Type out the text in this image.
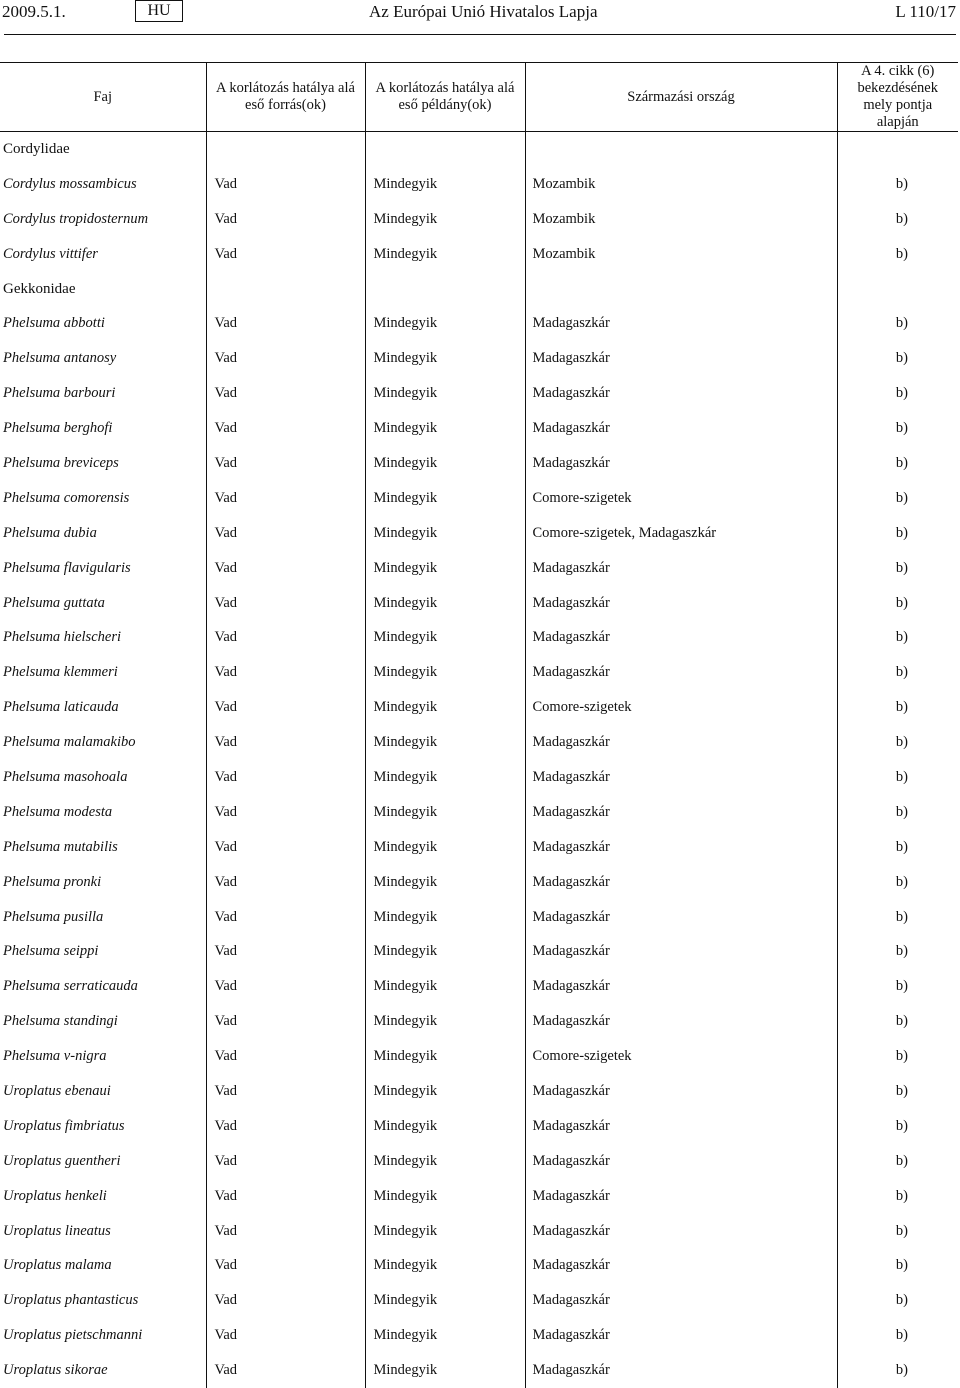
2009.5.1.	HU	Az Európai Unió Hivatalos Lapja	L 110/17
Faj	A korlátozás hatálya alá eső forrás(ok)	A korlátozás hatálya alá eső példány(ok)	Származási ország	A 4. cikk (6) bekezdésének mely pontja alapján
Cordylidae				
Cordylus mossambicus	Vad	Mindegyik	Mozambik	b)
Cordylus tropidosternum	Vad	Mindegyik	Mozambik	b)
Cordylus vittifer	Vad	Mindegyik	Mozambik	b)
Gekkonidae				
Phelsuma abbotti	Vad	Mindegyik	Madagaszkár	b)
Phelsuma antanosy	Vad	Mindegyik	Madagaszkár	b)
Phelsuma barbouri	Vad	Mindegyik	Madagaszkár	b)
Phelsuma berghofi	Vad	Mindegyik	Madagaszkár	b)
Phelsuma breviceps	Vad	Mindegyik	Madagaszkár	b)
Phelsuma comorensis	Vad	Mindegyik	Comore-szigetek	b)
Phelsuma dubia	Vad	Mindegyik	Comore-szigetek, Madagaszkár	b)
Phelsuma flavigularis	Vad	Mindegyik	Madagaszkár	b)
Phelsuma guttata	Vad	Mindegyik	Madagaszkár	b)
Phelsuma hielscheri	Vad	Mindegyik	Madagaszkár	b)
Phelsuma klemmeri	Vad	Mindegyik	Madagaszkár	b)
Phelsuma laticauda	Vad	Mindegyik	Comore-szigetek	b)
Phelsuma malamakibo	Vad	Mindegyik	Madagaszkár	b)
Phelsuma masohoala	Vad	Mindegyik	Madagaszkár	b)
Phelsuma modesta	Vad	Mindegyik	Madagaszkár	b)
Phelsuma mutabilis	Vad	Mindegyik	Madagaszkár	b)
Phelsuma pronki	Vad	Mindegyik	Madagaszkár	b)
Phelsuma pusilla	Vad	Mindegyik	Madagaszkár	b)
Phelsuma seippi	Vad	Mindegyik	Madagaszkár	b)
Phelsuma serraticauda	Vad	Mindegyik	Madagaszkár	b)
Phelsuma standingi	Vad	Mindegyik	Madagaszkár	b)
Phelsuma v-nigra	Vad	Mindegyik	Comore-szigetek	b)
Uroplatus ebenaui	Vad	Mindegyik	Madagaszkár	b)
Uroplatus fimbriatus	Vad	Mindegyik	Madagaszkár	b)
Uroplatus guentheri	Vad	Mindegyik	Madagaszkár	b)
Uroplatus henkeli	Vad	Mindegyik	Madagaszkár	b)
Uroplatus lineatus	Vad	Mindegyik	Madagaszkár	b)
Uroplatus malama	Vad	Mindegyik	Madagaszkár	b)
Uroplatus phantasticus	Vad	Mindegyik	Madagaszkár	b)
Uroplatus pietschmanni	Vad	Mindegyik	Madagaszkár	b)
Uroplatus sikorae	Vad	Mindegyik	Madagaszkár	b)
